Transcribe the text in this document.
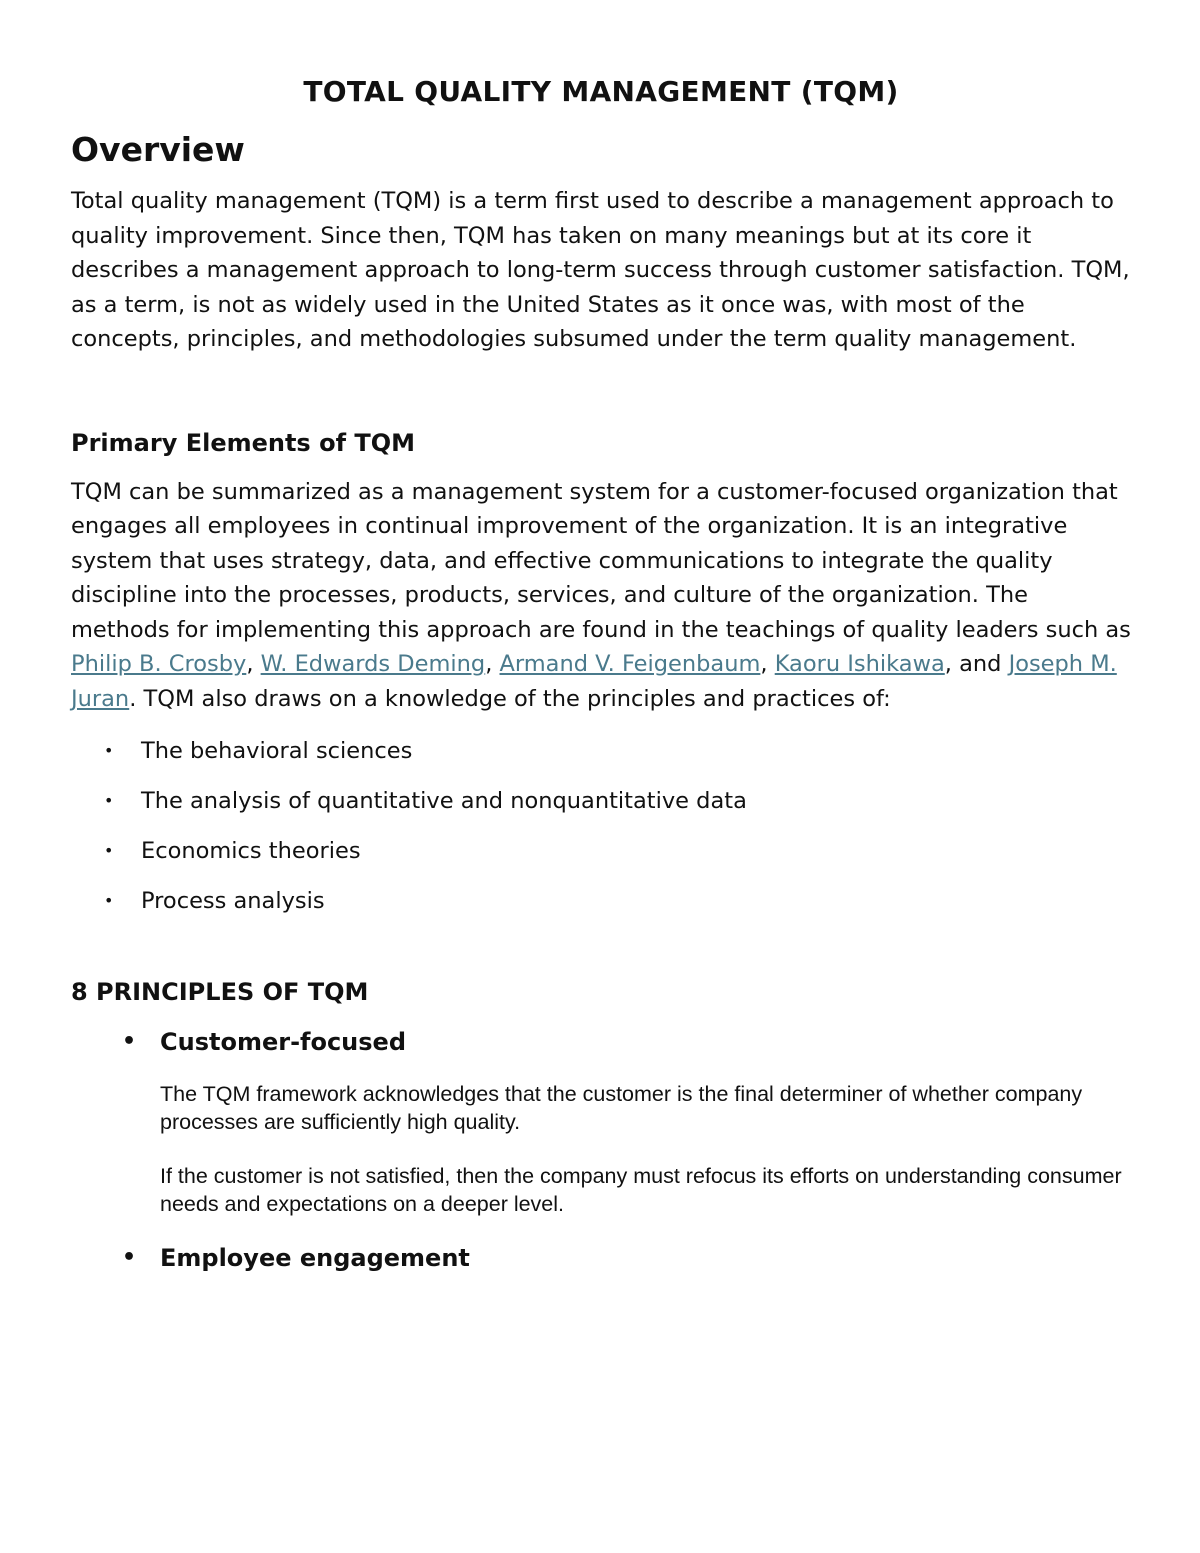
TOTAL QUALITY MANAGEMENT (TQM)
Overview

Total quality management (TQM) is a term first used to describe a management approach to quality improvement. Since then, TQM has taken on many meanings but at its core it describes a management approach to long-term success through customer satisfaction. TQM, as a term, is not as widely used in the United States as it once was, with most of the concepts, principles, and methodologies subsumed under the term quality management.

Primary Elements of TQM

TQM can be summarized as a management system for a customer-focused organization that engages all employees in continual improvement of the organization. It is an integrative system that uses strategy, data, and effective communications to integrate the quality discipline into the processes, products, services, and culture of the organization. The methods for implementing this approach are found in the teachings of quality leaders such as Philip B. Crosby, W. Edwards Deming, Armand V. Feigenbaum, Kaoru Ishikawa, and Joseph M. Juran. TQM also draws on a knowledge of the principles and practices of:

• The behavioral sciences
• The analysis of quantitative and nonquantitative data
• Economics theories
• Process analysis
8 PRINCIPLES OF TQM
• Customer-focused

The TQM framework acknowledges that the customer is the final determiner of whether company processes are sufficiently high quality.

If the customer is not satisfied, then the company must refocus its efforts on understanding consumer needs and expectations on a deeper level.

• Employee engagement
